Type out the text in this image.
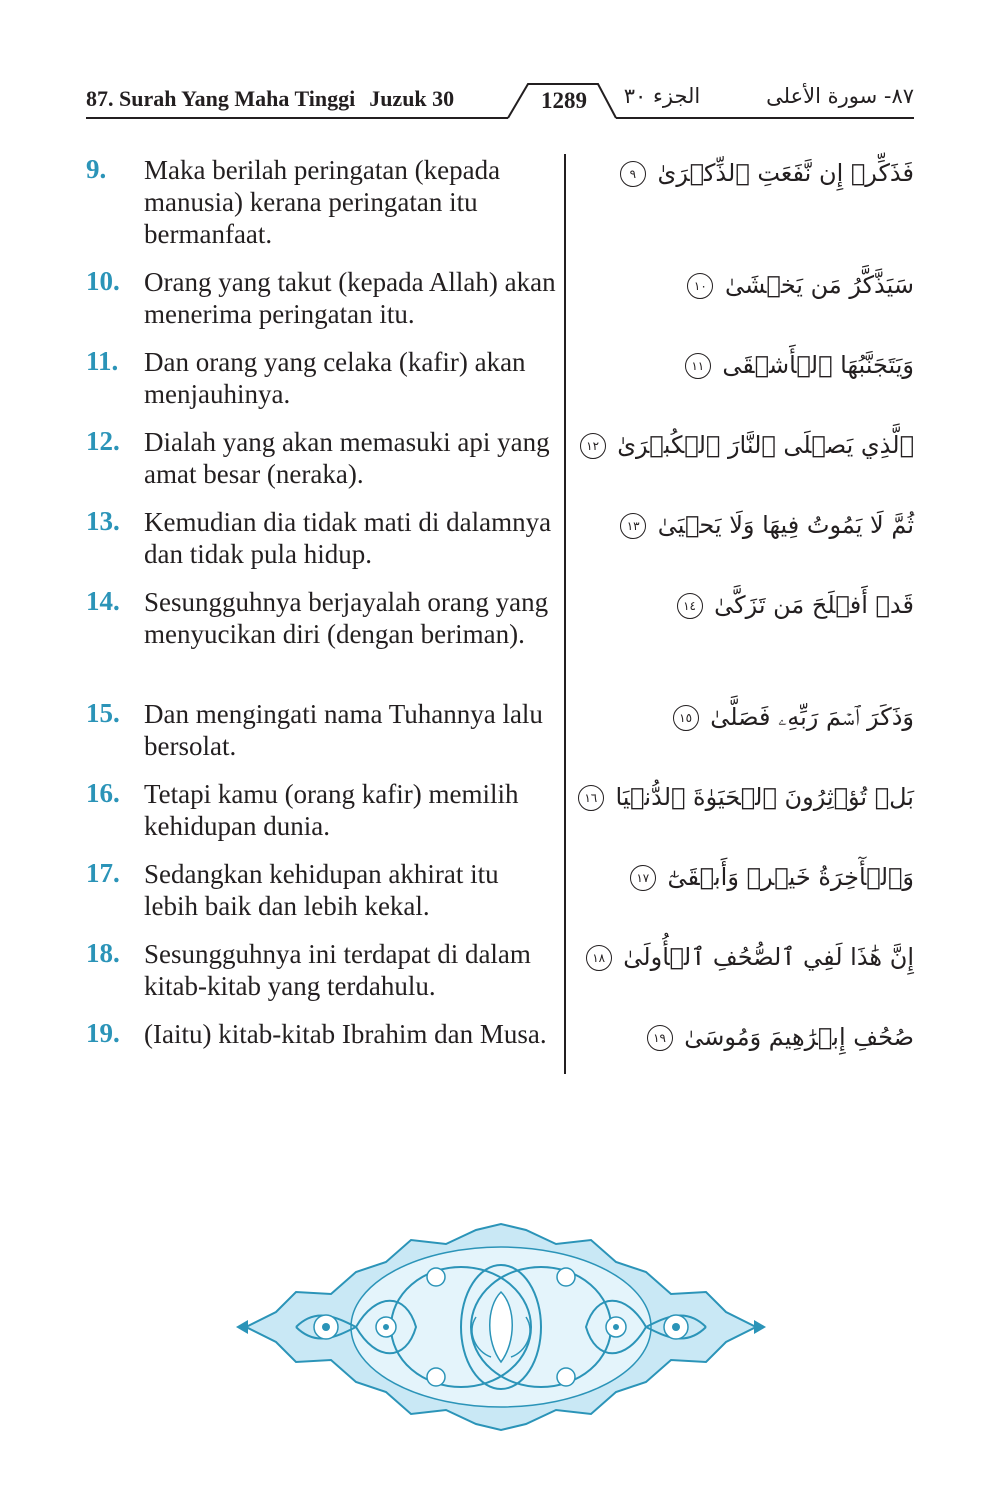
87. Surah Yang Maha Tinggi Juzuk 30	1289	الجزء ٣٠	٨٧- سورة الأعلى
9. Maka berilah peringatan (kepada manusia) kerana peringatan itu bermanfaat.
فَذَكِّرۡ إِن نَّفَعَتِ ٱلذِّكۡرَىٰ ٩
10. Orang yang takut (kepada Allah) akan menerima peringatan itu.
سَيَذَّكَّرُ مَن يَخۡشَىٰ ١٠
11. Dan orang yang celaka (kafir) akan menjauhinya.
وَيَتَجَنَّبُهَا ٱلۡأَشۡقَى ١١
12. Dialah yang akan memasuki api yang amat besar (neraka).
ٱلَّذِي يَصۡلَى ٱلنَّارَ ٱلۡكُبۡرَىٰ ١٢
13. Kemudian dia tidak mati di dalamnya dan tidak pula hidup.
ثُمَّ لَا يَمُوتُ فِيهَا وَلَا يَحۡيَىٰ ١٣
14. Sesungguhnya berjayalah orang yang menyucikan diri (dengan beriman).
قَدۡ أَفۡلَحَ مَن تَزَكَّىٰ ١٤
15. Dan mengingati nama Tuhannya lalu bersolat.
وَذَكَرَ ٱسۡمَ رَبِّهِۦ فَصَلَّىٰ ١٥
16. Tetapi kamu (orang kafir) memilih kehidupan dunia.
بَلۡ تُؤۡثِرُونَ ٱلۡحَيَوٰةَ ٱلدُّنۡيَا ١٦
17. Sedangkan kehidupan akhirat itu lebih baik dan lebih kekal.
وَٱلۡأٓخِرَةُ خَيۡرٞ وَأَبۡقَىٰٓ ١٧
18. Sesungguhnya ini terdapat di dalam kitab-kitab yang terdahulu.
إِنَّ هَٰذَا لَفِي ٱلصُّحُفِ ٱلۡأُولَىٰ ١٨
19. (Iaitu) kitab-kitab Ibrahim dan Musa.	صُحُفِ إِبۡرَٰهِيمَ وَمُوسَىٰ ١٩
